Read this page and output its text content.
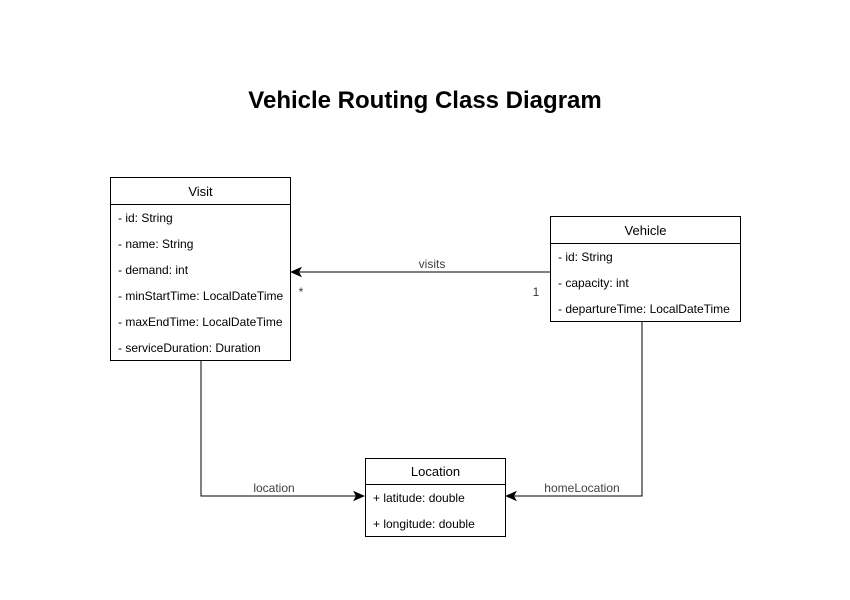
Vehicle Routing Class Diagram
visits
*	1
location	homeLocation
Visit
- id: String
- name: String
- demand: int
- minStartTime: LocalDateTime
- maxEndTime: LocalDateTime
- serviceDuration: Duration
Vehicle
- id: String
- capacity: int
- departureTime: LocalDateTime
Location
+ latitude: double
+ longitude: double
